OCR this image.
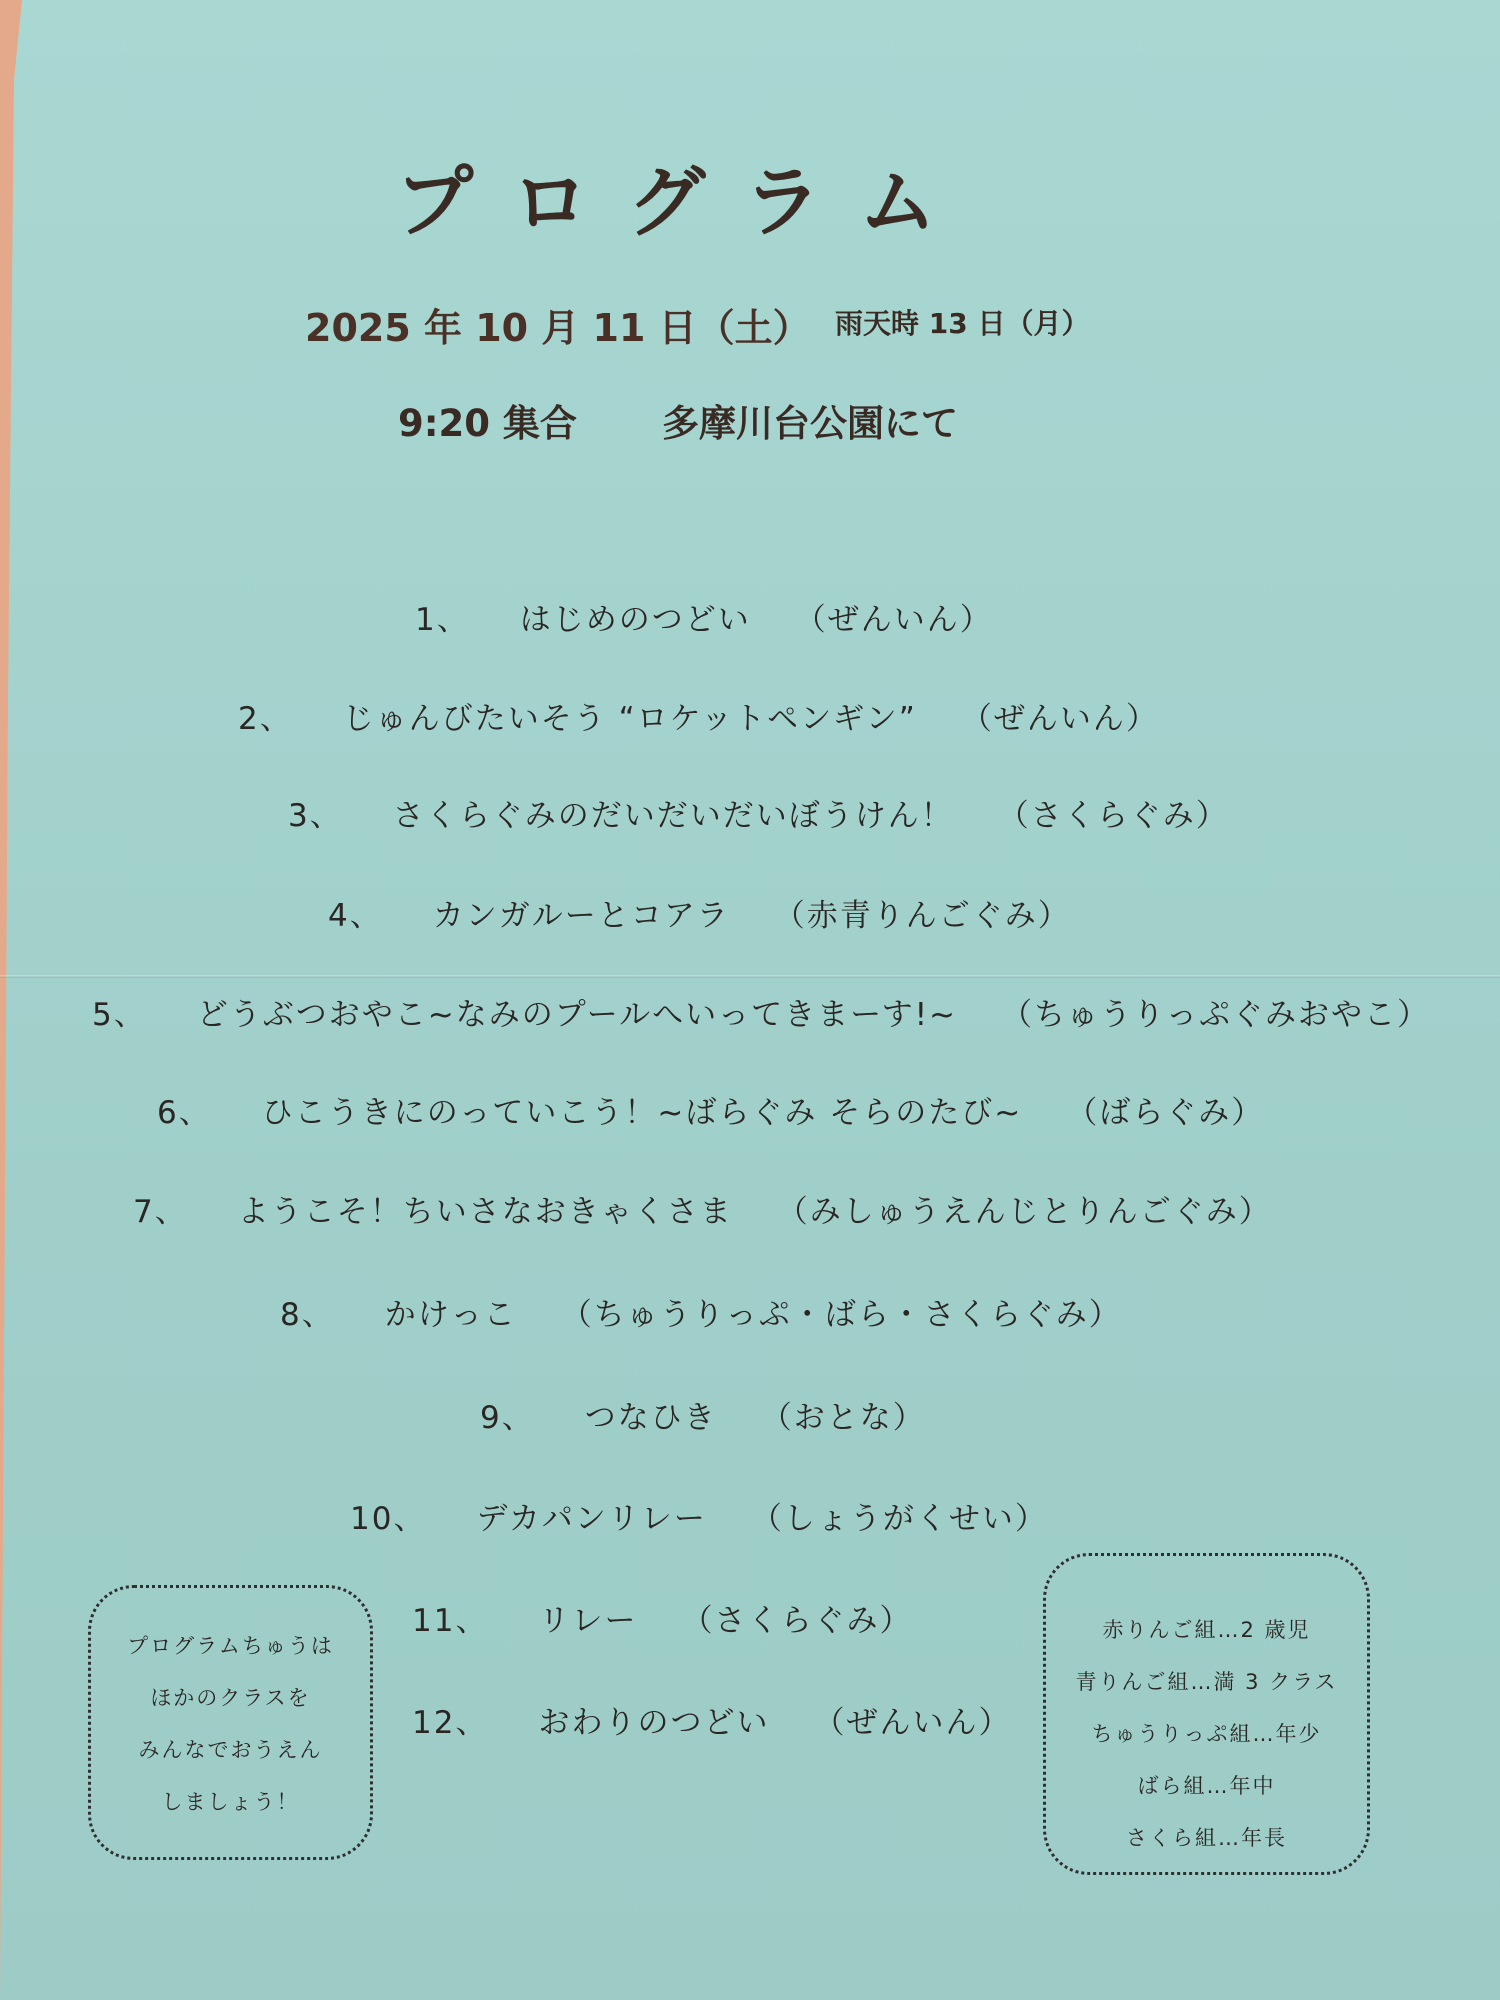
プログラム
2025 年 10 月 11 日（土） 雨天時 13 日（月）
9:20 集合 多摩川台公園にて
1、 はじめのつどい （ぜんいん）
2、 じゅんびたいそう “ロケットペンギン” （ぜんいん）
3、 さくらぐみのだいだいだいぼうけん！ （さくらぐみ）
4、 カンガルーとコアラ （赤青りんごぐみ）
5、 どうぶつおやこ~なみのプールへいってきまーす!~ （ちゅうりっぷぐみおやこ）
6、 ひこうきにのっていこう！~ばらぐみ そらのたび~ （ばらぐみ）
7、 ようこそ！ちいさなおきゃくさま （みしゅうえんじとりんごぐみ）
8、 かけっこ （ちゅうりっぷ・ばら・さくらぐみ）
9、 つなひき （おとな）
10、 デカパンリレー （しょうがくせい）
11、 リレー （さくらぐみ）
12、 おわりのつどい （ぜんいん）
プログラムちゅうは
ほかのクラスを
みんなでおうえん
しましょう！
赤りんご組…2 歳児
青りんご組…満 3 クラス
ちゅうりっぷ組…年少
ばら組…年中
さくら組…年長
